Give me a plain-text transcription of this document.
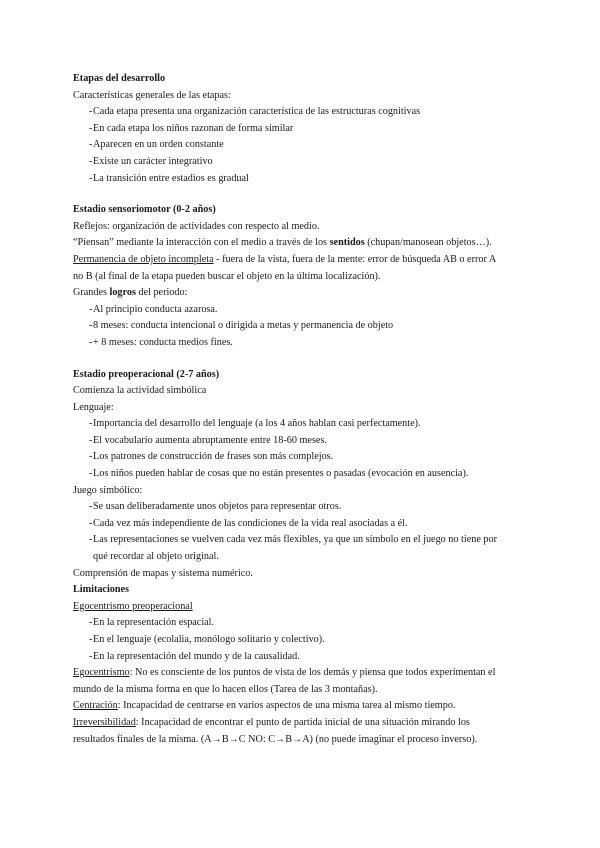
Etapas del desarrollo

Características generales de las etapas:

- Cada etapa presenta una organización característica de las estructuras cognitivas
- En cada etapa los niños razonan de forma similar
- Aparecen en un orden constante
- Existe un carácter integrativo
- La transición entre estadios es gradual

Estadio sensoriomotor (0-2 años)

Reflejos: organización de actividades con respecto al medio.

“Piensan” mediante la interacción con el medio a través de los sentidos (chupan/manosean objetos…).

Permanencia de objeto incompleta - fuera de la vista, fuera de la mente: error de búsqueda AB o error A

no B (al final de la etapa pueden buscar el objeto en la última localización).

Grandes logros del periodo:

- Al principio conducta azarosa.
- 8 meses: conducta intencional o dirigida a metas y permanencia de objeto
- + 8 meses: conducta medios fines.

Estadio preoperacional (2-7 años)

Comienza la actividad simbólica

Lenguaje:

- Importancia del desarrollo del lenguaje (a los 4 años hablan casi perfectamente).
- El vocabulario aumenta abruptamente entre 18-60 meses.
- Los patrones de construcción de frases son más complejos.
- Los niños pueden hablar de cosas que no están presentes o pasadas (evocación en ausencia).

Juego simbólico:

- Se usan deliberadamente unos objetos para representar otros.
- Cada vez más independiente de las condiciones de la vida real asociadas a él.
- Las representaciones se vuelven cada vez más flexibles, ya que un símbolo en el juego no tiene por
qué recordar al objeto original.

Comprensión de mapas y sistema numérico.

Limitaciones

Egocentrismo preoperacional

- En la representación espacial.
- En el lenguaje (ecolalia, monólogo solitario y colectivo).
- En la representación del mundo y de la causalidad.

Egocentrismo: No es consciente de los puntos de vista de los demás y piensa que todos experimentan el

mundo de la misma forma en que lo hacen ellos (Tarea de las 3 montañas).

Centración: Incapacidad de centrarse en varios aspectos de una misma tarea al mismo tiempo.

Irreversibilidad: Incapacidad de encontrar el punto de partida inicial de una situación mirando los

resultados finales de la misma. (A→B→C NO: C→B→A) (no puede imaginar el proceso inverso).
